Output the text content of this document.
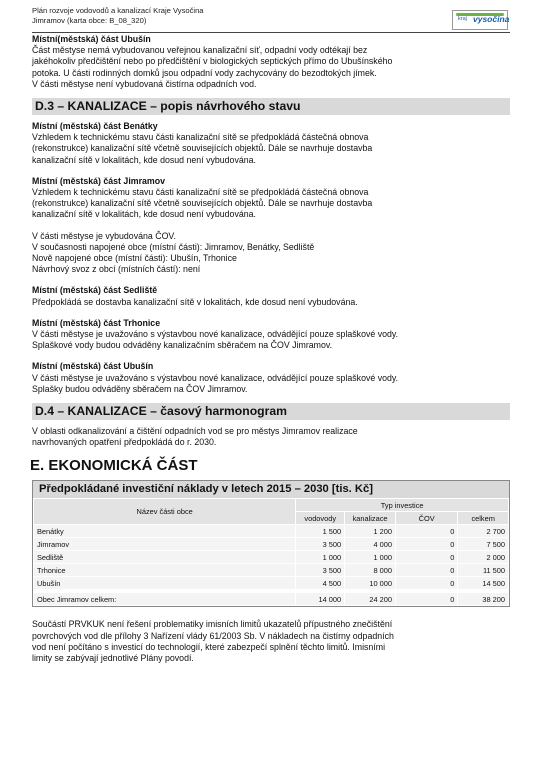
Plán rozvoje vodovodů a kanalizací Kraje Vysočina
Jimramov (karta obce: B_08_320)	kraj vysočina
Místní(městská) část Ubušín

Část městyse nemá vybudovanou veřejnou kanalizační síť, odpadní vody odtékají bez

jakéhokoliv předčištění nebo po předčištění v biologických septických přímo do Ubušínského

potoka. U části rodinných domků jsou odpadní vody zachycovány do bezodtokých jímek.

V části městyse není vybudovaná čistírna odpadních vod.

D.3 – KANALIZACE – popis návrhového stavu
Místní (městská) část Benátky

Vzhledem k technickému stavu části kanalizační sítě se předpokládá částečná obnova

(rekonstrukce) kanalizační sítě včetně souvisejících objektů. Dále se navrhuje dostavba

kanalizační sítě v lokalitách, kde dosud není vybudována.

Místní (městská) část Jimramov

Vzhledem k technickému stavu části kanalizační sítě se předpokládá částečná obnova

(rekonstrukce) kanalizační sítě včetně souvisejících objektů. Dále se navrhuje dostavba

kanalizační sítě v lokalitách, kde dosud není vybudována.

V části městyse je vybudována ČOV.

V současnosti napojené obce (místní části): Jimramov, Benátky, Sedliště

Nově napojené obce (místní části): Ubušín, Trhonice

Návrhový svoz z obcí (místních částí): není

Místní (městská) část Sedliště

Předpokládá se dostavba kanalizační sítě v lokalitách, kde dosud není vybudována.

Místní (městská) část Trhonice

V části městyse je uvažováno s výstavbou nové kanalizace, odvádějící pouze splaškové vody.

Splaškové vody budou odváděny kanalizačním sběračem na ČOV Jimramov.

Místní (městská) část Ubušín

V části městyse je uvažováno s výstavbou nové kanalizace, odvádějící pouze splaškové vody.

Splašky budou odváděny sběračem na ČOV Jimramov.

D.4 – KANALIZACE – časový harmonogram

V oblasti odkanalizování a čištění odpadních vod se pro městys Jimramov realizace

navrhovaných opatření předpokládá do r. 2030.

E. EKONOMICKÁ ČÁST
Předpokládané investiční náklady v letech 2015 – 2030 [tis. Kč]
Název části obce	Typ investice			
	vodovody	kanalizace	ČOV	celkem
Benátky	1 500	1 200	0	2 700
Jimramov	3 500	4 000	0	7 500
Sedliště	1 000	1 000	0	2 000
Trhonice	3 500	8 000	0	11 500
Ubušín	4 500	10 000	0	14 500

Obec Jimramov celkem:	14 000	24 200	0	38 200

Součástí PRVKUK není řešení problematiky imisních limitů ukazatelů přípustného znečištění

povrchových vod dle přílohy 3 Nařízení vlády 61/2003 Sb. V nákladech na čistírny odpadních

vod není počítáno s investicí do technologií, které zabezpečí splnění těchto limitů. Imisními

limity se zabývají jednotlivé Plány povodí.
